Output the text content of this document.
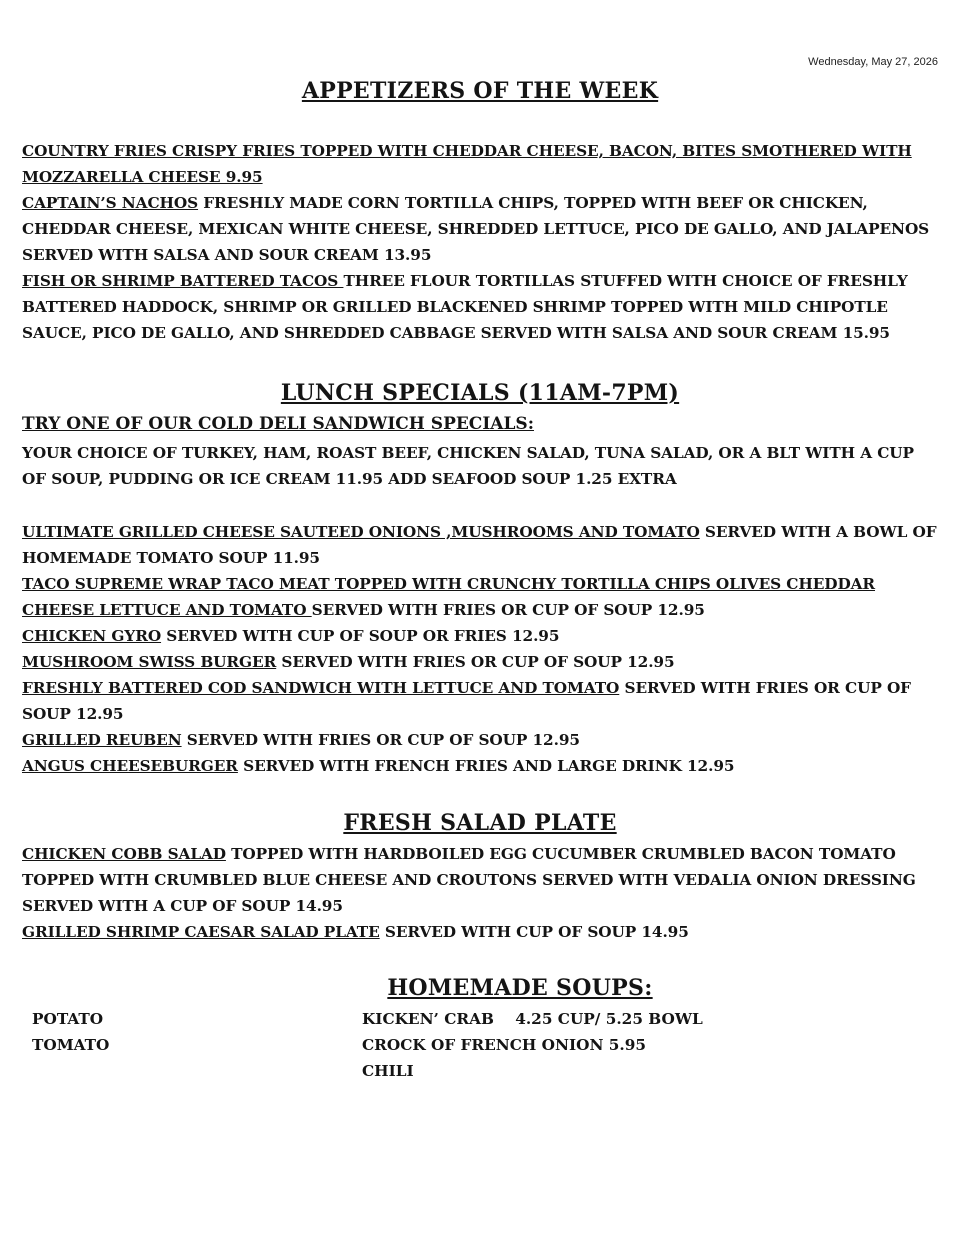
Wednesday, May 27, 2026
APPETIZERS OF THE WEEK
COUNTRY FRIES CRISPY FRIES TOPPED WITH CHEDDAR CHEESE, BACON, BITES SMOTHERED WITH MOZZARELLA CHEESE 9.95
CAPTAIN’S NACHOS FRESHLY MADE CORN TORTILLA CHIPS, TOPPED WITH BEEF OR CHICKEN, CHEDDAR CHEESE, MEXICAN WHITE CHEESE, SHREDDED LETTUCE, PICO DE GALLO, AND JALAPENOS SERVED WITH SALSA AND SOUR CREAM 13.95
FISH OR SHRIMP BATTERED TACOS THREE FLOUR TORTILLAS STUFFED WITH CHOICE OF FRESHLY BATTERED HADDOCK, SHRIMP OR GRILLED BLACKENED SHRIMP TOPPED WITH MILD CHIPOTLE SAUCE, PICO DE GALLO, AND SHREDDED CABBAGE SERVED WITH SALSA AND SOUR CREAM 15.95
LUNCH SPECIALS (11AM-7PM)
TRY ONE OF OUR COLD DELI SANDWICH SPECIALS:
YOUR CHOICE OF TURKEY, HAM, ROAST BEEF, CHICKEN SALAD, TUNA SALAD, OR A BLT WITH A CUP OF SOUP, PUDDING OR ICE CREAM 11.95 ADD SEAFOOD SOUP 1.25 EXTRA
ULTIMATE GRILLED CHEESE SAUTEED ONIONS ,MUSHROOMS AND TOMATO SERVED WITH A BOWL OF HOMEMADE TOMATO SOUP 11.95
TACO SUPREME WRAP TACO MEAT TOPPED WITH CRUNCHY TORTILLA CHIPS OLIVES CHEDDAR CHEESE LETTUCE AND TOMATO SERVED WITH FRIES OR CUP OF SOUP 12.95
CHICKEN GYRO SERVED WITH CUP OF SOUP OR FRIES 12.95
MUSHROOM SWISS BURGER SERVED WITH FRIES OR CUP OF SOUP 12.95
FRESHLY BATTERED COD SANDWICH WITH LETTUCE AND TOMATO SERVED WITH FRIES OR CUP OF SOUP 12.95
GRILLED REUBEN SERVED WITH FRIES OR CUP OF SOUP 12.95
ANGUS CHEESEBURGER SERVED WITH FRENCH FRIES AND LARGE DRINK 12.95
FRESH SALAD PLATE
CHICKEN COBB SALAD TOPPED WITH HARDBOILED EGG CUCUMBER CRUMBLED BACON TOMATO TOPPED WITH CRUMBLED BLUE CHEESE AND CROUTONS SERVED WITH VEDALIA ONION DRESSING SERVED WITH A CUP OF SOUP 14.95
GRILLED SHRIMP CAESAR SALAD PLATE SERVED WITH CUP OF SOUP 14.95
HOMEMADE SOUPS:
POTATO	KICKEN’ CRAB    4.25 CUP/ 5.25 BOWL
TOMATO	CROCK OF FRENCH ONION 5.95
CHILI
